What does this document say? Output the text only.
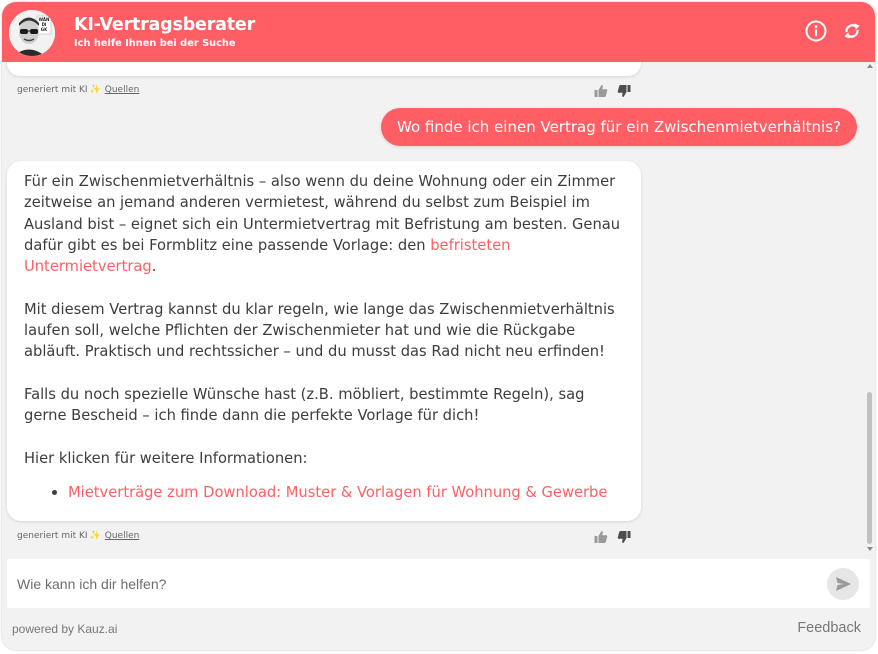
WÄN
DI
GK KI-Vertragsberater
Ich helfe Ihnen bei der Suche
generiert mit KI ✨ Quellen
Wo finde ich einen Vertrag für ein Zwischenmietverhältnis?

Für ein Zwischenmietverhältnis – also wenn du deine Wohnung oder ein Zimmer zeitweise an jemand anderen vermietest, während du selbst zum Beispiel im Ausland bist – eignet sich ein Untermietvertrag mit Befristung am besten. Genau dafür gibt es bei Formblitz eine passende Vorlage: den befristeten Untermietvertrag.

Mit diesem Vertrag kannst du klar regeln, wie lange das Zwischenmietverhältnis laufen soll, welche Pflichten der Zwischenmieter hat und wie die Rückgabe abläuft. Praktisch und rechtssicher – und du musst das Rad nicht neu erfinden!

Falls du noch spezielle Wünsche hast (z.B. möbliert, bestimmte Regeln), sag gerne Bescheid – ich finde dann die perfekte Vorlage für dich!

Hier klicken für weitere Informationen:

Mietverträge zum Download: Muster & Vorlagen für Wohnung & Gewerbe
generiert mit KI ✨ Quellen
Wie kann ich dir helfen?
powered by Kauz.ai	Feedback
